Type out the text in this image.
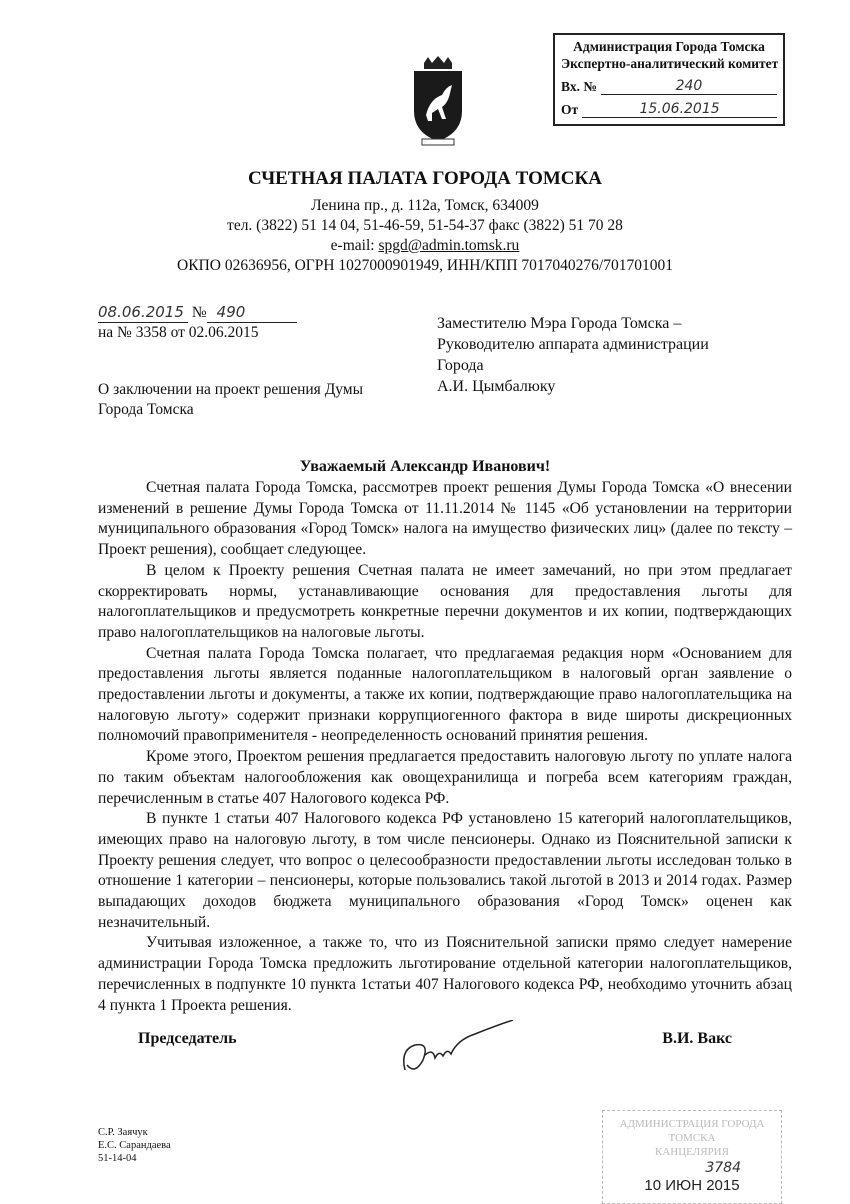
Администрация Города Томска
Экспертно-аналитический комитет
Вх. №	240
От	15.06.2015
СЧЕТНАЯ ПАЛАТА ГОРОДА ТОМСКА
Ленина пр., д. 112а, Томск, 634009
тел. (3822) 51 14 04, 51-46-59, 51-54-37 факс (3822) 51 70 28
e-mail: spgd@admin.tomsk.ru
ОКПО 02636956, ОГРН 1027000901949, ИНН/КПП 7017040276/701701001
08.06.2015 № 490
на № 3358 от 02.06.2015
Заместителю Мэра Города Томска –
Руководителю аппарата администрации
Города
А.И. Цымбалюку
О заключении на проект решения Думы
Города Томска
Уважаемый Александр Иванович!

Счетная палата Города Томска, рассмотрев проект решения Думы Города Томска «О внесении изменений в решение Думы Города Томска от 11.11.2014 № 1145 «Об установлении на территории муниципального образования «Город Томск» налога на имущество физических лиц» (далее по тексту – Проект решения), сообщает следующее.

В целом к Проекту решения Счетная палата не имеет замечаний, но при этом предлагает скорректировать нормы, устанавливающие основания для предоставления льготы для налогоплательщиков и предусмотреть конкретные перечни документов и их копии, подтверждающих право налогоплательщиков на налоговые льготы.

Счетная палата Города Томска полагает, что предлагаемая редакция норм «Основанием для предоставления льготы является поданные налогоплательщиком в налоговый орган заявление о предоставлении льготы и документы, а также их копии, подтверждающие право налогоплательщика на налоговую льготу» содержит признаки коррупциогенного фактора в виде широты дискреционных полномочий правоприменителя - неопределенность оснований принятия решения.

Кроме этого, Проектом решения предлагается предоставить налоговую льготу по уплате налога по таким объектам налогообложения как овощехранилища и погреба всем категориям граждан, перечисленным в статье 407 Налогового кодекса РФ.

В пункте 1 статьи 407 Налогового кодекса РФ установлено 15 категорий налогоплательщиков, имеющих право на налоговую льготу, в том числе пенсионеры. Однако из Пояснительной записки к Проекту решения следует, что вопрос о целесообразности предоставлении льготы исследован только в отношение 1 категории – пенсионеры, которые пользовались такой льготой в 2013 и 2014 годах. Размер выпадающих доходов бюджета муниципального образования «Город Томск» оценен как незначительный.

Учитывая изложенное, а также то, что из Пояснительной записки прямо следует намерение администрации Города Томска предложить льготирование отдельной категории налогоплательщиков, перечисленных в подпункте 10 пункта 1статьи 407 Налогового кодекса РФ, необходимо уточнить абзац 4 пункта 1 Проекта решения.

Председатель	В.И. Вакс
С.Р. Заячук
Е.С. Сарандаева
51-14-04
АДМИНИСТРАЦИЯ ГОРОДА ТОМСКА
КАНЦЕЛЯРИЯ
3784
10 ИЮН 2015
